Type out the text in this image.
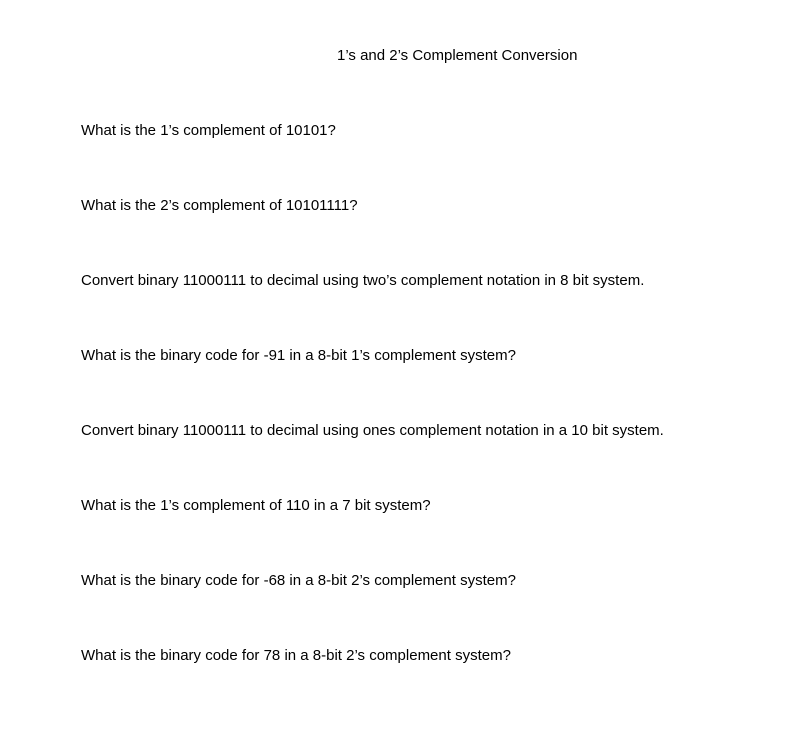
1’s and 2’s Complement Conversion
What is the 1’s complement of 10101?
What is the 2’s complement of 10101111?
Convert binary 11000111 to decimal using two’s complement notation in 8 bit system.
What is the binary code for -91 in a 8-bit 1’s complement system?
Convert binary 11000111 to decimal using ones complement notation in a 10 bit system.
What is the 1’s complement of 110 in a 7 bit system?
What is the binary code for -68 in a 8-bit 2’s complement system?
What is the binary code for 78 in a 8-bit 2’s complement system?
